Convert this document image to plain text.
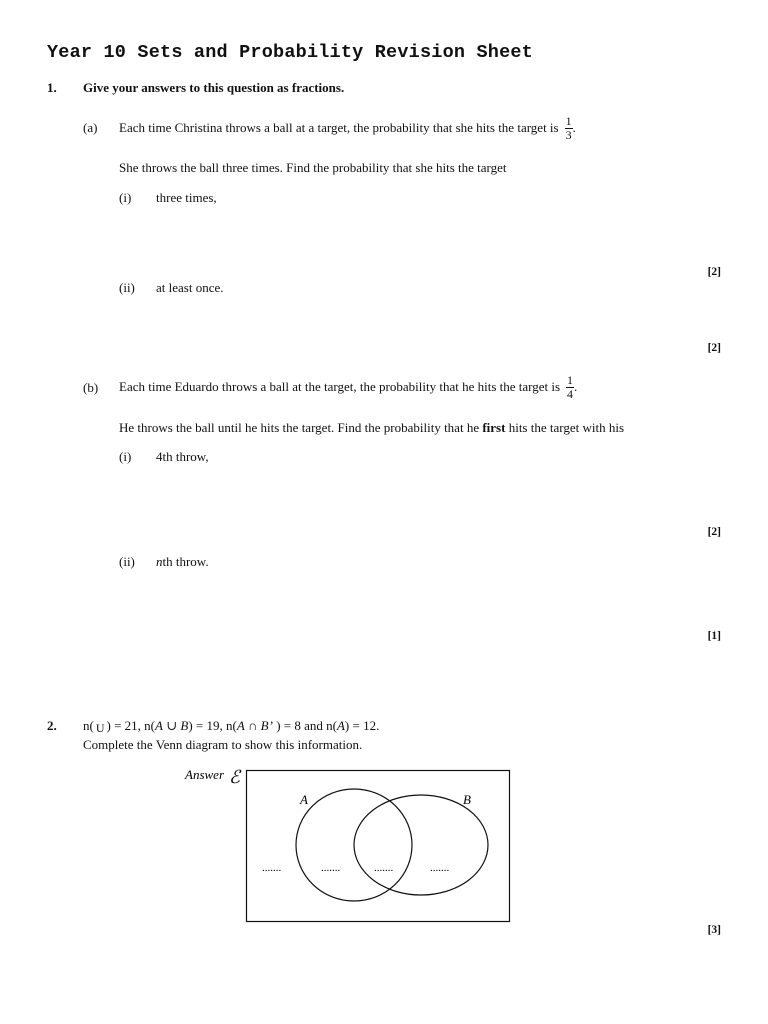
Year 10 Sets and Probability Revision Sheet
1. Give your answers to this question as fractions.
(a) Each time Christina throws a ball at a target, the probability that she hits the target is $\frac{1}{3}$ .
She throws the ball three times. Find the probability that she hits the target
(i) three times,
[2]
(ii) at least once.
[2]
(b) Each time Eduardo throws a ball at the target, the probability that he hits the target is $\frac{1}{4}$ .
He throws the ball until he hits the target. Find the probability that he first hits the target with his
(i) 4th throw,
[2]
(ii) nth throw.
[1]
2. n( U ) = 21, n(A ∪ B) = 19, n(A ∩ B’ ) = 8 and n(A) = 12.
Complete the Venn diagram to show this information.
Answer ℰ
A	B
.......	.......	.......	.......
[3]
